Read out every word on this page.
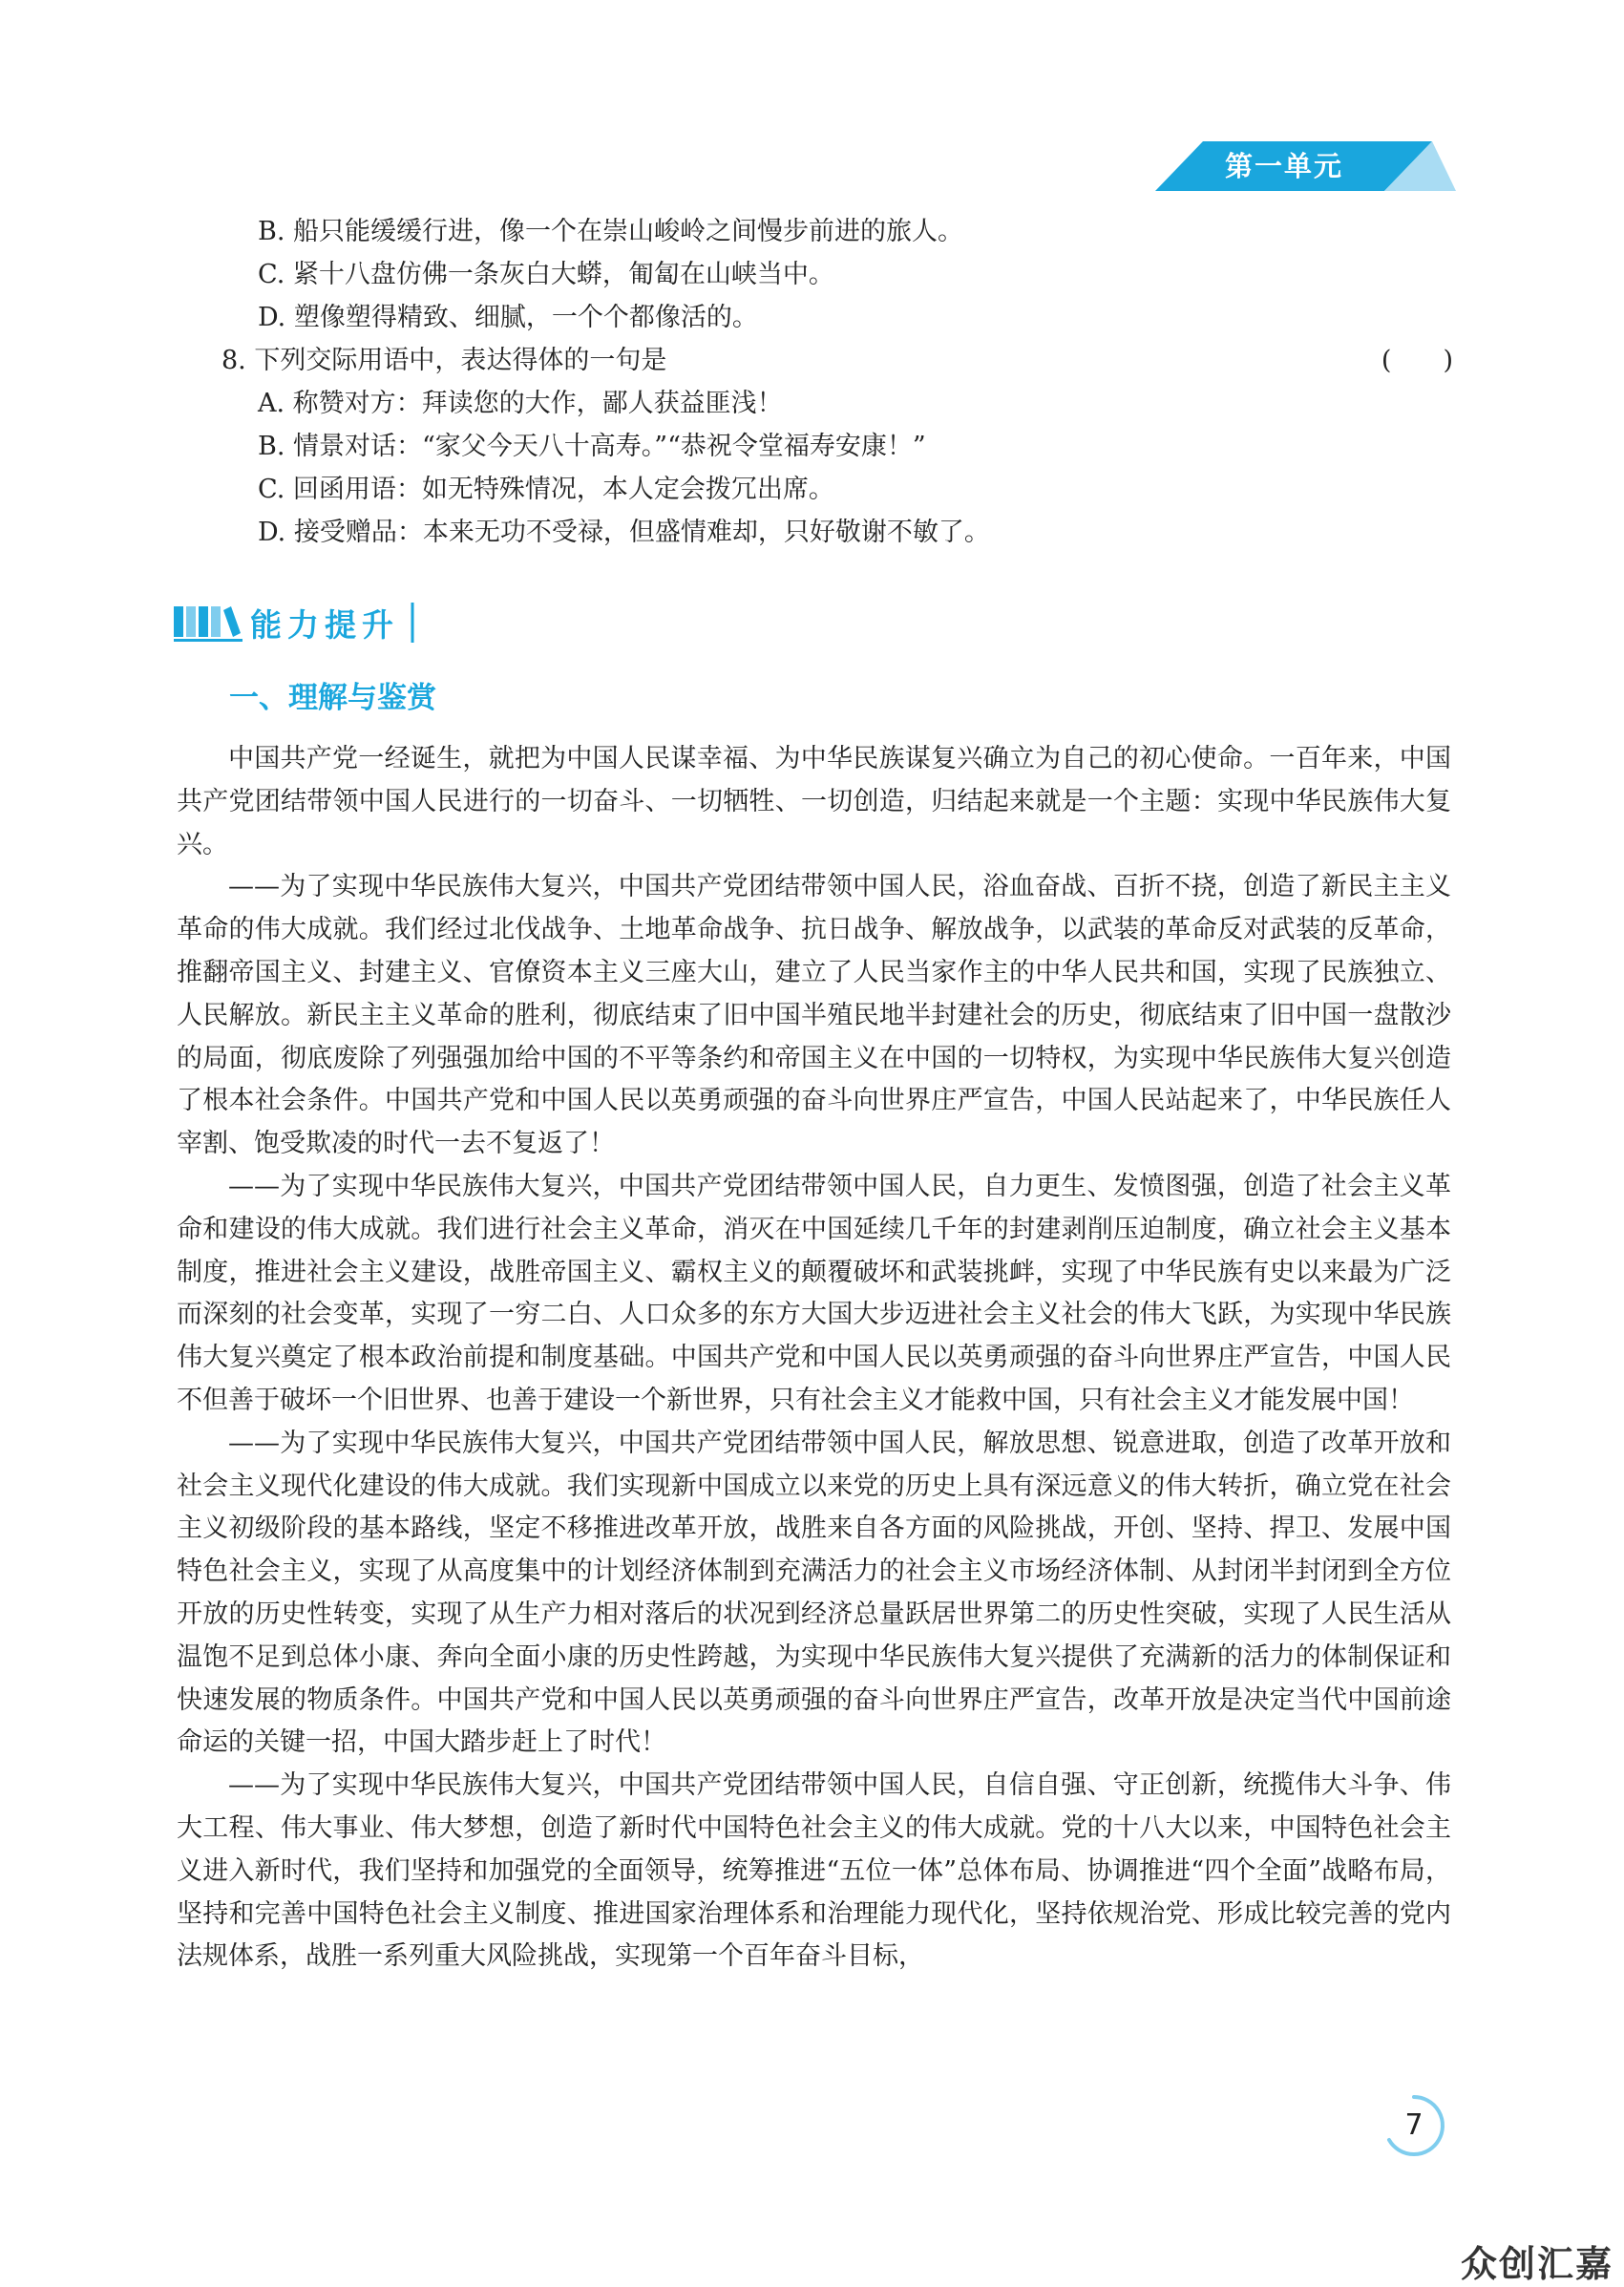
第一单元
B. 船只能缓缓行进，像一个在崇山峻岭之间慢步前进的旅人。
C. 紧十八盘仿佛一条灰白大蟒，匍匐在山峡当中。
D. 塑像塑得精致、细腻，一个个都像活的。
8. 下列交际用语中，表达得体的一句是	(　　)
A. 称赞对方：拜读您的大作，鄙人获益匪浅！
B. 情景对话：“家父今天八十高寿。”“恭祝令堂福寿安康！”
C. 回函用语：如无特殊情况，本人定会拨冗出席。
D. 接受赠品：本来无功不受禄，但盛情难却，只好敬谢不敏了。
能力提升
一、理解与鉴赏

中国共产党一经诞生，就把为中国人民谋幸福、为中华民族谋复兴确立为自己的初心使命。一百年来，中国共产党团结带领中国人民进行的一切奋斗、一切牺牲、一切创造，归结起来就是一个主题：实现中华民族伟大复兴。

——为了实现中华民族伟大复兴，中国共产党团结带领中国人民，浴血奋战、百折不挠，创造了新民主主义革命的伟大成就。我们经过北伐战争、土地革命战争、抗日战争、解放战争，以武装的革命反对武装的反革命，推翻帝国主义、封建主义、官僚资本主义三座大山，建立了人民当家作主的中华人民共和国，实现了民族独立、人民解放。新民主主义革命的胜利，彻底结束了旧中国半殖民地半封建社会的历史，彻底结束了旧中国一盘散沙的局面，彻底废除了列强强加给中国的不平等条约和帝国主义在中国的一切特权，为实现中华民族伟大复兴创造了根本社会条件。中国共产党和中国人民以英勇顽强的奋斗向世界庄严宣告，中国人民站起来了，中华民族任人宰割、饱受欺凌的时代一去不复返了！

——为了实现中华民族伟大复兴，中国共产党团结带领中国人民，自力更生、发愤图强，创造了社会主义革命和建设的伟大成就。我们进行社会主义革命，消灭在中国延续几千年的封建剥削压迫制度，确立社会主义基本制度，推进社会主义建设，战胜帝国主义、霸权主义的颠覆破坏和武装挑衅，实现了中华民族有史以来最为广泛而深刻的社会变革，实现了一穷二白、人口众多的东方大国大步迈进社会主义社会的伟大飞跃，为实现中华民族伟大复兴奠定了根本政治前提和制度基础。中国共产党和中国人民以英勇顽强的奋斗向世界庄严宣告，中国人民不但善于破坏一个旧世界、也善于建设一个新世界，只有社会主义才能救中国，只有社会主义才能发展中国！

——为了实现中华民族伟大复兴，中国共产党团结带领中国人民，解放思想、锐意进取，创造了改革开放和社会主义现代化建设的伟大成就。我们实现新中国成立以来党的历史上具有深远意义的伟大转折，确立党在社会主义初级阶段的基本路线，坚定不移推进改革开放，战胜来自各方面的风险挑战，开创、坚持、捍卫、发展中国特色社会主义，实现了从高度集中的计划经济体制到充满活力的社会主义市场经济体制、从封闭半封闭到全方位开放的历史性转变，实现了从生产力相对落后的状况到经济总量跃居世界第二的历史性突破，实现了人民生活从温饱不足到总体小康、奔向全面小康的历史性跨越，为实现中华民族伟大复兴提供了充满新的活力的体制保证和快速发展的物质条件。中国共产党和中国人民以英勇顽强的奋斗向世界庄严宣告，改革开放是决定当代中国前途命运的关键一招，中国大踏步赶上了时代！

——为了实现中华民族伟大复兴，中国共产党团结带领中国人民，自信自强、守正创新，统揽伟大斗争、伟大工程、伟大事业、伟大梦想，创造了新时代中国特色社会主义的伟大成就。党的十八大以来，中国特色社会主义进入新时代，我们坚持和加强党的全面领导，统筹推进“五位一体”总体布局、协调推进“四个全面”战略布局，坚持和完善中国特色社会主义制度、推进国家治理体系和治理能力现代化，坚持依规治党、形成比较完善的党内法规体系，战胜一系列重大风险挑战，实现第一个百年奋斗目标，

7
众创汇嘉
